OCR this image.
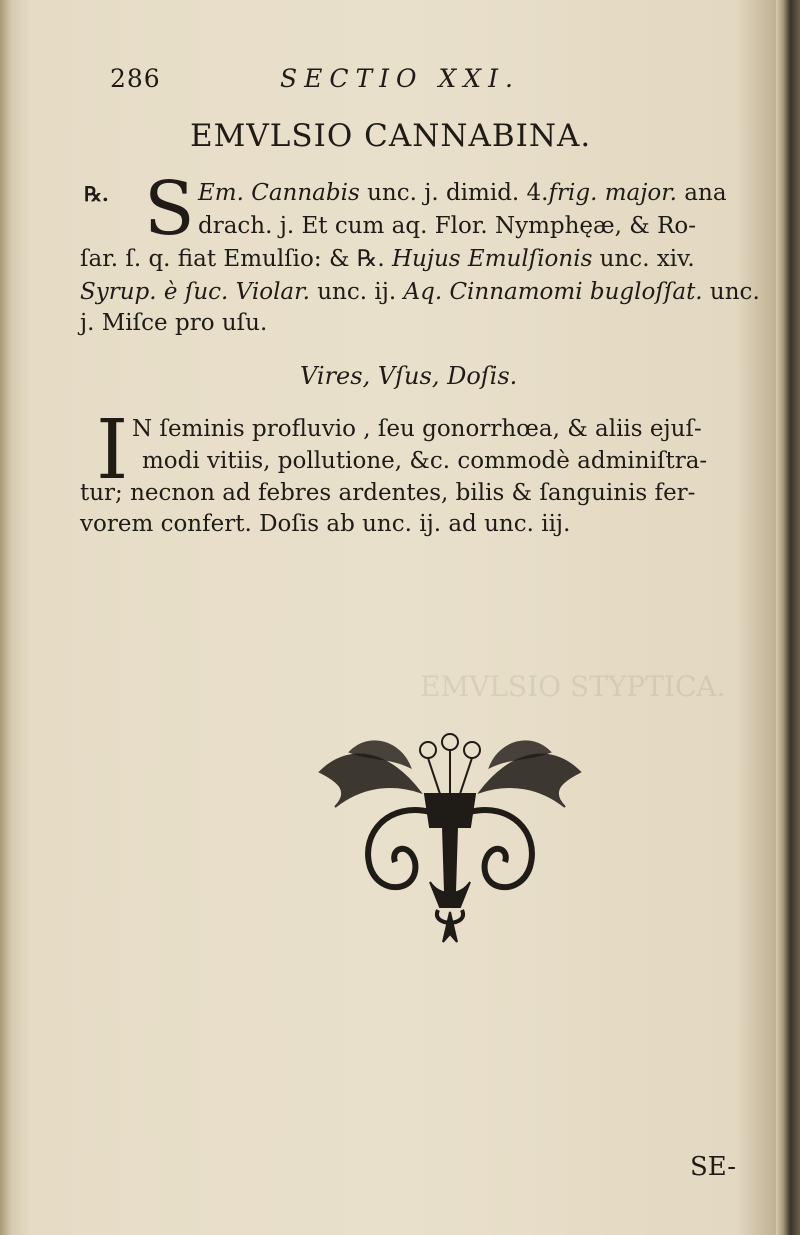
EMVLSIO STYPTICA.
286	SECTIO XXI.
EMVLSIO CANNABINA.
℞. S Em. Cannabis unc. j. dimid. 4.frig. major. ana
drach. j. Et cum aq. Flor. Nymphęæ, & Ro-
ſar. ſ. q. fiat Emulſio: & ℞. Hujus Emulſionis unc. xiv.
Syrup. è ſuc. Violar. unc. ij. Aq. Cinnamomi bugloſſat. unc.
j. Miſce pro uſu.
Vires, Vſus, Doſis.
I N ſeminis profluvio , ſeu gonorrhœa, & aliis ejuſ-
modi vitiis, pollutione, &c. commodè adminiſtra-
tur; necnon ad febres ardentes, bilis & ſanguinis fer-
vorem confert. Doſis ab unc. ij. ad unc. iij.
SE-
